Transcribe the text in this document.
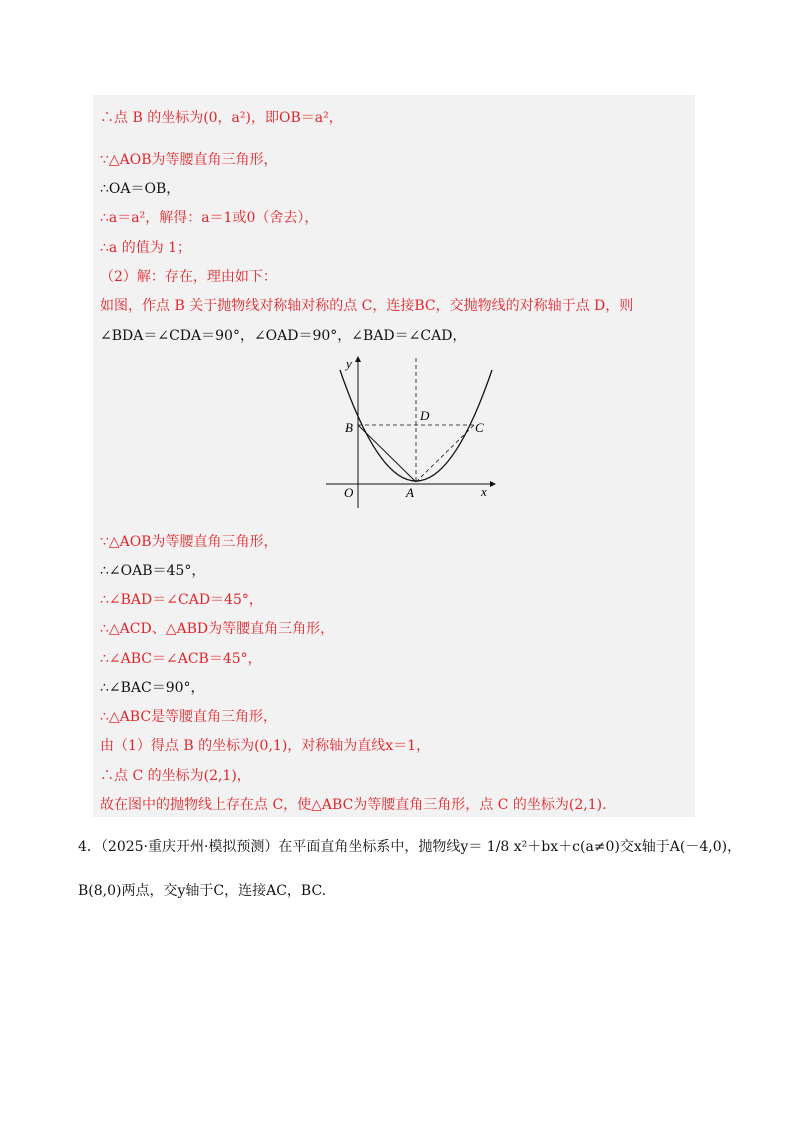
∴点 B 的坐标为(0，a²)，即OB＝a²，
∵△AOB为等腰直角三角形，
∴OA＝OB，
∴a＝a²，解得：a＝1或0（舍去），
∴a 的值为 1；
（2）解：存在，理由如下：
如图，作点 B 关于抛物线对称轴对称的点 C，连接BC，交抛物线的对称轴于点 D，则
∠BDA＝∠CDA＝90°，∠OAD＝90°，∠BAD＝∠CAD，
y
x
O	A
B	C
D
∵△AOB为等腰直角三角形，
∴∠OAB＝45°，
∴∠BAD＝∠CAD＝45°，
∴△ACD、△ABD为等腰直角三角形，
∴∠ABC＝∠ACB＝45°，
∴∠BAC＝90°，
∴△ABC是等腰直角三角形，
由（1）得点 B 的坐标为(0,1)，对称轴为直线x＝1，
∴点 C 的坐标为(2,1)，
故在图中的抛物线上存在点 C，使△ABC为等腰直角三角形，点 C 的坐标为(2,1).
4．（2025·重庆开州·模拟预测）在平面直角坐标系中，抛物线y＝ 1/8 x²＋bx＋c(a≠0)交x轴于A(－4,0)，
B(8,0)两点，交y轴于C，连接AC，BC.
